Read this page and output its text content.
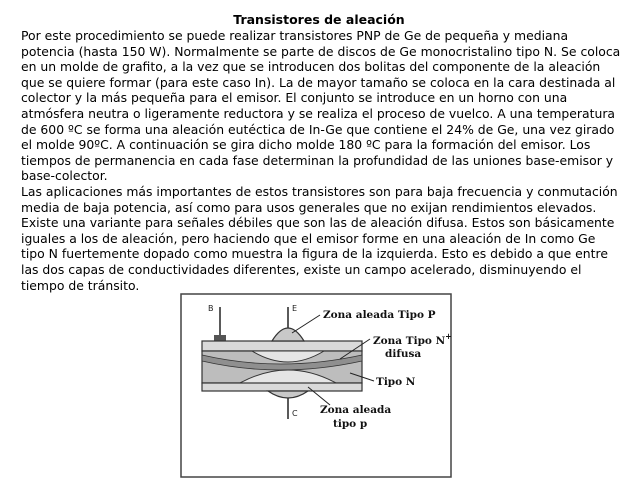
Transistores de aleación

Por este procedimiento se puede realizar transistores PNP de Ge de pequeña y mediana potencia (hasta 150 W). Normalmente se parte de discos de Ge monocristalino tipo N. Se coloca en un molde de grafito, a la vez que se introducen dos bolitas del componente de la aleación que se quiere formar (para este caso In). La de mayor tamaño se coloca en la cara destinada al colector y la más pequeña para el emisor. El conjunto se introduce en un horno con una atmósfera neutra o ligeramente reductora y se realiza el proceso de vuelco. A una temperatura de 600 ºC se forma una aleación eutéctica de In-Ge que contiene el 24% de Ge, una vez girado el molde 90ºC. A continuación se gira dicho molde 180 ºC para la formación del emisor. Los tiempos de permanencia en cada fase determinan la profundidad de las uniones base-emisor y base-colector.

Las aplicaciones más importantes de estos transistores son para baja frecuencia y conmutación media de baja potencia, así como para usos generales que no exijan rendimientos elevados.

Existe una variante para señales débiles que son las de aleación difusa. Estos son básicamente iguales a los de aleación, pero haciendo que el emisor forme en una aleación de In como Ge tipo N fuertemente dopado como muestra la figura de la izquierda. Esto es debido a que entre las dos capas de conductividades diferentes, existe un campo acelerado, disminuyendo el tiempo de tránsito.

B	E
C
Zona aleada Tipo P
Zona Tipo N+
difusa
Tipo N
Zona aleada
tipo p
